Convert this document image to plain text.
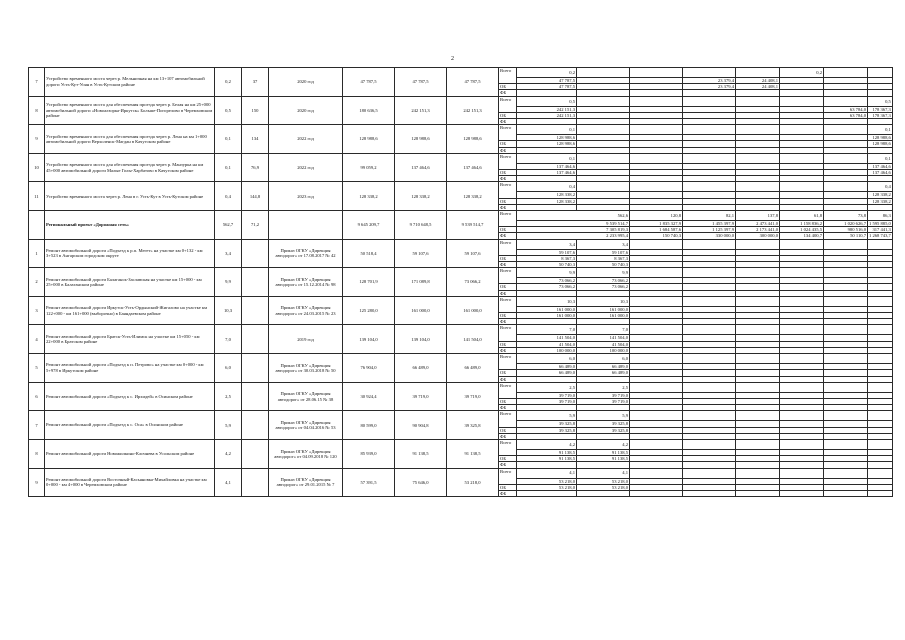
2
7	Устройство временного моста через р. Мельничная на км 13+107 автомобильной дороги Усть-Кут-Уоян в Усть-Кутском районе	0,2	37	2020 год	47 787,5	47 787,5	47 787,5	Всего	0,2					0,2		
									47 787,5			23 379,4	24 408,1			
								ОБ	47 787,5			23 379,4	24 408,1			
								ФБ								
8	Устройство временного моста для обеспечения проезда через р. Белая на км 25+000 автомобильной дороги «Новоалзорка-Иркутск» Больше-Погорелово в Черемховском районе	0,5	150	2020 год	180 636,5	242 151,3	242 151,3	Всего	0,5							0,5
									242 151,3						63 784,0	178 367,3
								ОБ	242 151,3						63 784,0	178 367,3
								ФБ								
9	Устройство временного моста для обеспечения проезда через р. Лена на км 1+000 автомобильной дороги Верхоленск-Магдан в Качугском районе	0,1	134	2022 год	128 988,6	128 988,6	128 988,6	Всего	0,1							0,1
									128 988,6							128 988,6
								ОБ	128 988,6							128 988,6
								ФБ								
10	Устройство временного моста для обеспечения проезда через р. Манзурка на км 45+000 автомобильной дороги Малые Голы-Харбатово в Качугском районе	0,1	76,9	2022 год	99 059,2	137 464,6	137 464,6	Всего	0,1							0,1
									137 464,6							137 464,6
								ОБ	137 464,6							137 464,6
								ФБ								
11	Устройство временного моста через р. Лена в г. Усть-Кут в Усть-Кутском районе	0,4	144,8	2023 год	128 338,2	128 338,2	128 338,2	Всего	0,4							0,4
									128 338,2							128 338,2
								ОБ	128 338,2							128 338,2
								ФБ								
	Региональный проект «Дорожная сеть»	562,7	71,2		9 645 209,7	9 710 648,5	9 539 514,7	Всего	562,6		120,8	82,1	137,8	61,8	73,8	86,3
									9 539 514,7		1 835 327,9	1 455 397,9	2 473 441,0	1 158 836,2	1 020 626,7	1 595 885,0
								ОБ	7 305 819,3		1 684 587,6	1 125 397,9	2 173 441,0	1 024 435,5	980 516,0	317 441,3
								ФБ	2 233 995,4		150 740,3	330 000,0	300 000,0	134 400,7	50 110,7	1 268 743,7
1	Ремонт автомобильной дороги «Подъезд к р.п. Мегет» на участке км 0+132 - км 3+523 в Ангарском городском округе	3,4		Приказ ОГКУ «Дирекция автодорог» от 17.08.2017 № 42	50 518,4	59 107,6	59 107,6	Всего	3,4	3,4						
									59 107,6	59 107,6						
								ОБ	8 367,3	8 367,3						
								ФБ	50 740,3	50 740,3						
2	Ремонт автомобильной дороги Балаганск-Заславская на участке км 15+000 - км 25+000 в Балаганском районе	9,9		Приказ ОГКУ «Дирекция автодорог» от 15.12.2014 № 98	128 701,9	171 089,8	73 066,2	Всего	9,9	9,9						
									73 066,2	73 066,2						
								ОБ	73 066,2	73 066,2						
								ФБ								
3	Ремонт автомобильной дороги Иркутск-Усть-Ордынский-Жигалово на участке км 122+000 - км 161+000 (выборочно) в Баяндаевском районе	10,3		Приказ ОГКУ «Дирекция автодорог» от 24.03.2015 № 23	125 280,0	161 000,0	161 000,0	Всего	10,3	10,3						
									161 000,0	161 000,0						
								ОБ	161 000,0	161 000,0						
								ФБ								
4	Ремонт автомобильной дороги Братск-Усть-Илимск на участке км 15+050 - км 22+000 в Братском районе	7,0		2019 год	139 104,0	139 104,0	141 504,0	Всего	7,0	7,0						
									141 504,0	141 504,0						
								ОБ	41 504,0	41 504,0						
								ФБ	100 000,0	100 000,0						
5	Ремонт автомобильной дороги «Подъезд к п. Петрово» на участке км 0+000 - км 5+978 в Иркутском районе	6,0		Приказ ОГКУ «Дирекция автодорог» от 30.03.2018 № 50	76 904,0	66 489,0	66 489,0	Всего	6,0	6,0						
									66 489,0	66 489,0						
								ОБ	66 489,0	66 489,0						
								ФБ								
6	Ремонт автомобильной дороги «Подъезд к с. Ирхидей» в Осинском районе	2,5		Приказ ОГКУ «Дирекция автодорог» от 28.06.15 № 38	30 924,4	39 719,0	39 719,0	Всего	2,5	2,5						
									39 719,0	39 719,0						
								ОБ	39 719,0	39 719,0						
								ФБ								
7	Ремонт автомобильной дороги «Подъезд к с. Оса» в Осинском районе	5,9		Приказ ОГКУ «Дирекция автодорог» от 04.04.2016 № 53	80 599,0	90 904,8	39 325,8	Всего	5,9	5,9						
									39 325,8	39 325,8						
								ОБ	39 325,8	39 325,8						
								ФБ								
8	Ремонт автомобильной дороги Новожилкино-Клочнева в Усольском районе	4,2		Приказ ОГКУ «Дирекция автодорог» от 04.09.2018 № 120	85 939,0	91 138,5	91 138,5	Всего	4,2	4,2						
									91 138,5	91 138,5						
								ОБ	91 138,5	91 138,5						
								ФБ								
9	Ремонт автомобильной дороги Восточный-Касьяновка-Михайловка на участке км 0+000 - км 4+000 в Черемховском районе	4,1		Приказ ОГКУ «Дирекция автодорог» от 29.01.2015 № 7	57 391,5	75 646,0	53 218,0	Всего	4,1	4,1						
									53 218,0	53 218,0						
								ОБ	53 218,0	53 218,0						
								ФБ								
